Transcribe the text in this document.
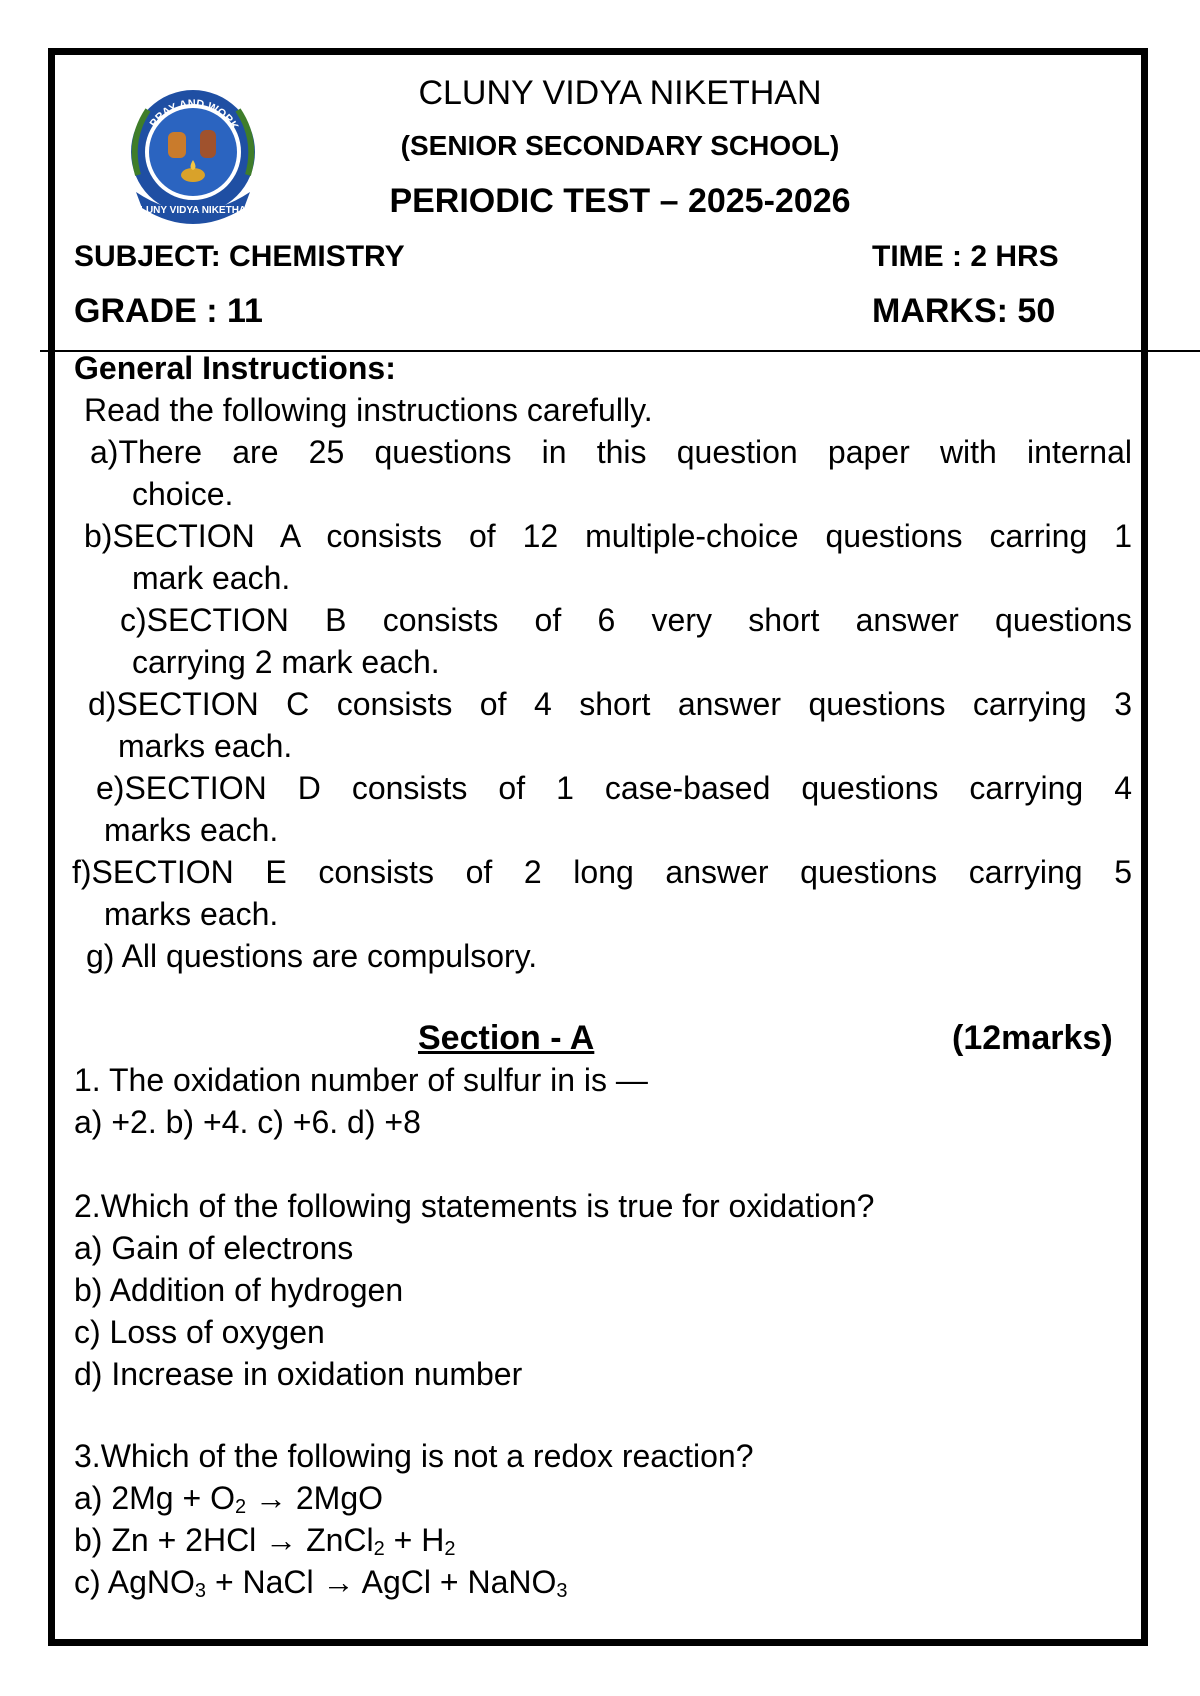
PRAY AND WORK
CLUNY VIDYA NIKETHAN
CLUNY VIDYA NIKETHAN
(SENIOR SECONDARY SCHOOL)
PERIODIC TEST – 2025-2026
SUBJECT: CHEMISTRY	TIME : 2 HRS
GRADE : 11	MARKS: 50
General Instructions:
Read the following instructions carefully.
a)There are 25 questions in this question paper with internal
choice.
b)SECTION A consists of 12 multiple-choice questions carring 1
mark each.
c)SECTION B consists of 6 very short answer questions
carrying 2 mark each.
d)SECTION C consists of 4 short answer questions carrying 3
marks each.
e)SECTION D consists of 1 case-based questions carrying 4
marks each.
f)SECTION E consists of 2 long answer questions carrying 5
marks each.
g) All questions are compulsory.
Section - A	(12marks)
1. The oxidation number of sulfur in is —
a) +2. b) +4. c) +6. d) +8
2.Which of the following statements is true for oxidation?
a) Gain of electrons
b) Addition of hydrogen
c) Loss of oxygen
d) Increase in oxidation number
3.Which of the following is not a redox reaction?
a) $2Mg + O_2 \to 2MgO$
b) Zn + 2HCl → ZnCl$_2$ + $H_2$
c) AgNO$_3$ + NaCl → AgCl + NaNO$_3$
